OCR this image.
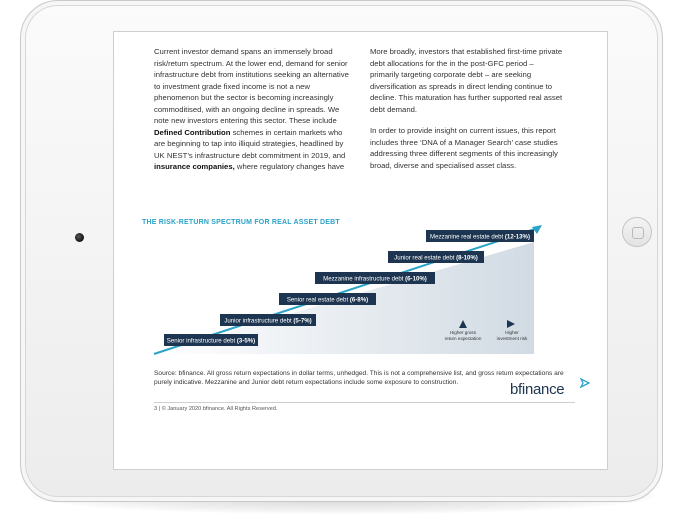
Current investor demand spans an immensely broad risk/return spectrum. At the lower end, demand for senior infrastructure debt from institutions seeking an alternative to investment grade fixed income is not a new phenomenon but the sector is becoming increasingly commoditised, with an ongoing decline in spreads. We note new investors entering this sector. These include Defined Contribution schemes in certain markets who are beginning to tap into illiquid strategies, headlined by UK NEST’s infrastructure debt commitment in 2019, and insurance companies, where regulatory changes have

More broadly, investors that established first-time private debt allocations for the in the post-GFC period – primarily targeting corporate debt – are seeking diversification as spreads in direct lending continue to decline. This maturation has further supported real asset debt demand.

In order to provide insight on current issues, this report includes three ‘DNA of a Manager Search’ case studies addressing three different segments of this increasingly broad, diverse and specialised asset class.

THE RISK-RETURN SPECTRUM FOR REAL ASSET DEBT
Senior infrastructure debt (3-5%)
Junior infrastructure debt (5-7%)
Senior real estate debt (6-8%)
Mezzanine infrastructure debt (6-10%)
Junior real estate debt (8-10%)
Mezzanine real estate debt (12-13%)
Higher gross
return expectation
Higher
investment risk
Source: bfinance. All gross return expectations in dollar terms, unhedged. This is not a comprehensive list, and gross return expectations are purely indicative. Mezzanine and Junior debt return expectations include some exposure to construction.	bfinance
3 | © January 2020 bfinance. All Rights Reserved.
